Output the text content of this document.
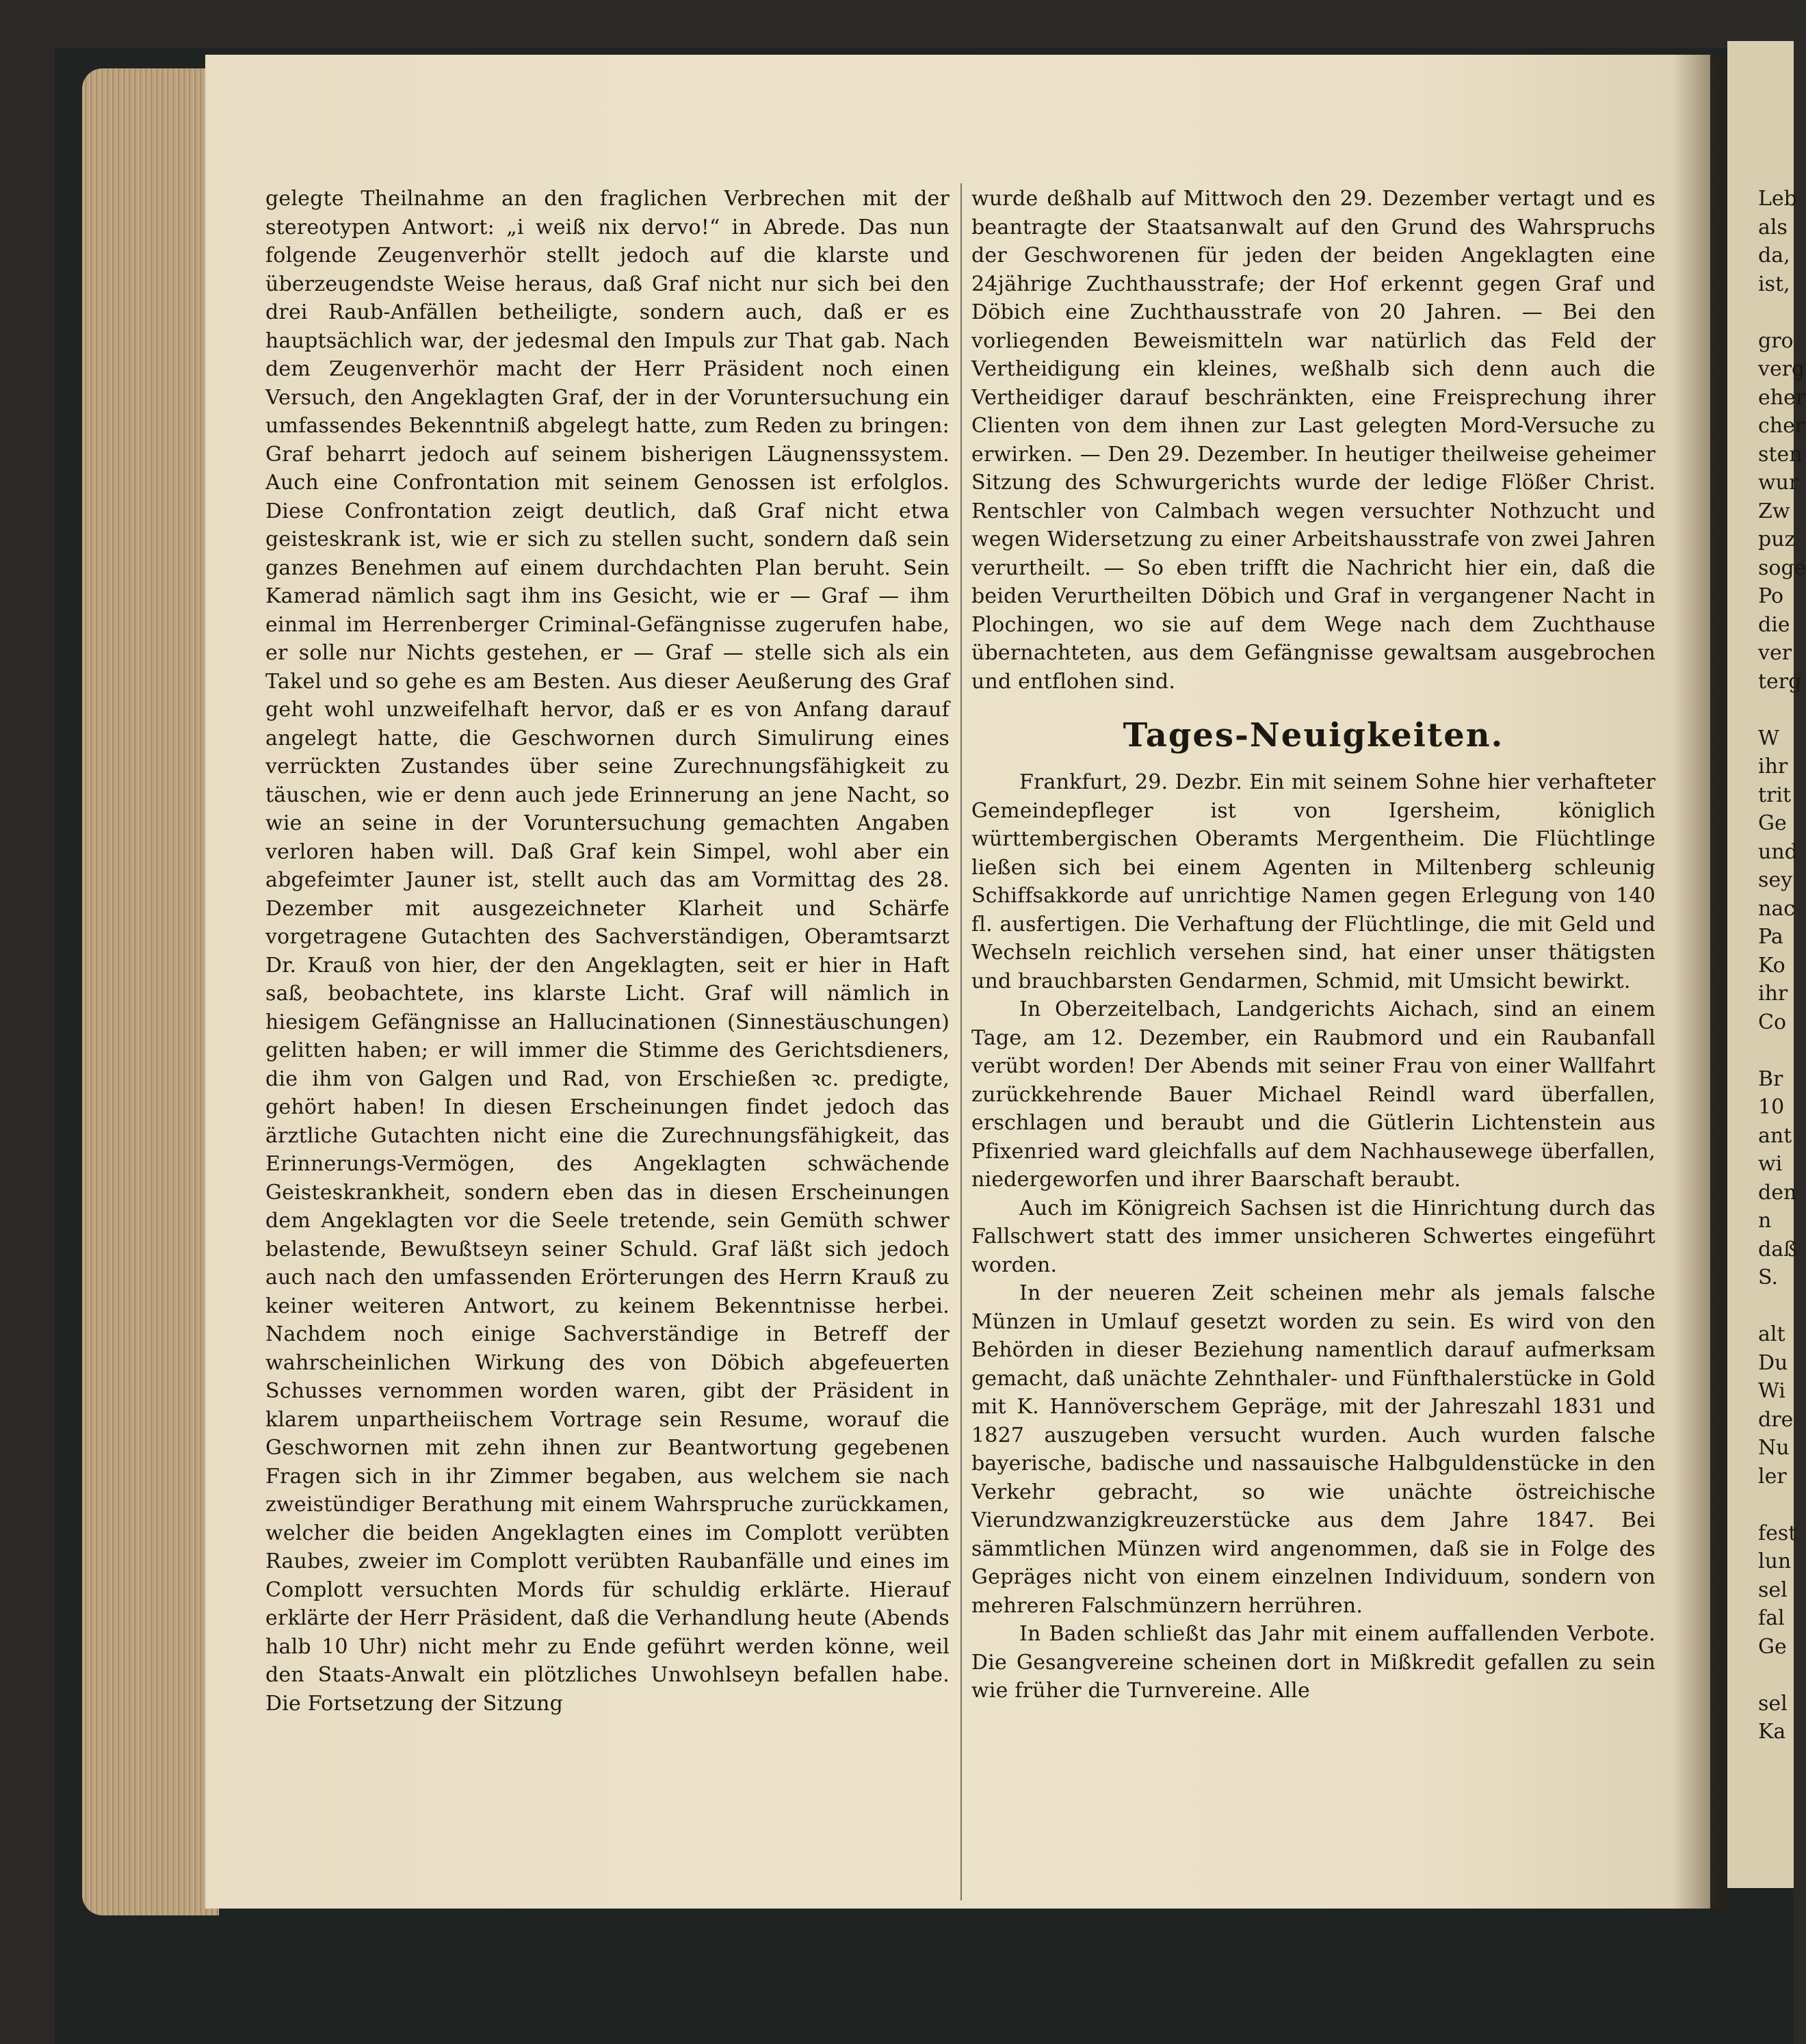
gelegte Theilnahme an den fraglichen Verbrechen mit der stereotypen Antwort: „i weiß nix dervo!“ in Abrede. Das nun folgende Zeugenverhör stellt jedoch auf die klarste und überzeugendste Weise heraus, daß Graf nicht nur sich bei den drei Raub-Anfällen betheiligte, sondern auch, daß er es hauptsächlich war, der jedesmal den Impuls zur That gab. Nach dem Zeugenverhör macht der Herr Präsident noch einen Versuch, den Angeklagten Graf, der in der Voruntersuchung ein umfassendes Bekenntniß abgelegt hatte, zum Reden zu bringen: Graf beharrt jedoch auf seinem bisherigen Läugnenssystem. Auch eine Confrontation mit seinem Genossen ist erfolglos. Diese Confrontation zeigt deutlich, daß Graf nicht etwa geisteskrank ist, wie er sich zu stellen sucht, sondern daß sein ganzes Benehmen auf einem durchdachten Plan beruht. Sein Kamerad nämlich sagt ihm ins Gesicht, wie er — Graf — ihm einmal im Herrenberger Criminal-Gefängnisse zugerufen habe, er solle nur Nichts gestehen, er — Graf — stelle sich als ein Takel und so gehe es am Besten. Aus dieser Aeußerung des Graf geht wohl unzweifelhaft hervor, daß er es von Anfang darauf angelegt hatte, die Geschwornen durch Simulirung eines verrückten Zustandes über seine Zurechnungsfähigkeit zu täuschen, wie er denn auch jede Erinnerung an jene Nacht, so wie an seine in der Voruntersuchung gemachten Angaben verloren haben will. Daß Graf kein Simpel, wohl aber ein abgefeimter Jauner ist, stellt auch das am Vormittag des 28. Dezember mit ausgezeichneter Klarheit und Schärfe vorgetragene Gutachten des Sachverständigen, Oberamtsarzt Dr. Krauß von hier, der den Angeklagten, seit er hier in Haft saß, beobachtete, ins klarste Licht. Graf will nämlich in hiesigem Gefängnisse an Hallucinationen (Sinnestäuschungen) gelitten haben; er will immer die Stimme des Gerichtsdieners, die ihm von Galgen und Rad, von Erschießen ꝛc. predigte, gehört haben! In diesen Erscheinungen findet jedoch das ärztliche Gutachten nicht eine die Zurechnungsfähigkeit, das Erinnerungs-Vermögen, des Angeklagten schwächende Geisteskrankheit, sondern eben das in diesen Erscheinungen dem Angeklagten vor die Seele tretende, sein Gemüth schwer belastende, Bewußtseyn seiner Schuld. Graf läßt sich jedoch auch nach den umfassenden Erörterungen des Herrn Krauß zu keiner weiteren Antwort, zu keinem Bekenntnisse herbei. Nachdem noch einige Sachverständige in Betreff der wahrscheinlichen Wirkung des von Döbich abgefeuerten Schusses vernommen worden waren, gibt der Präsident in klarem unpartheiischem Vortrage sein Resume, worauf die Geschwornen mit zehn ihnen zur Beantwortung gegebenen Fragen sich in ihr Zimmer begaben, aus welchem sie nach zweistündiger Berathung mit einem Wahrspruche zurückkamen, welcher die beiden Angeklagten eines im Complott verübten Raubes, zweier im Complott verübten Raubanfälle und eines im Complott versuchten Mords für schuldig erklärte. Hierauf erklärte der Herr Präsident, daß die Verhandlung heute (Abends halb 10 Uhr) nicht mehr zu Ende geführt werden könne, weil den Staats-Anwalt ein plötzliches Unwohlseyn befallen habe. Die Fortsetzung der Sitzung

wurde deßhalb auf Mittwoch den 29. Dezember vertagt und es beantragte der Staatsanwalt auf den Grund des Wahrspruchs der Geschworenen für jeden der beiden Angeklagten eine 24jährige Zuchthausstrafe; der Hof erkennt gegen Graf und Döbich eine Zuchthausstrafe von 20 Jahren. — Bei den vorliegenden Beweismitteln war natürlich das Feld der Vertheidigung ein kleines, weßhalb sich denn auch die Vertheidiger darauf beschränkten, eine Freisprechung ihrer Clienten von dem ihnen zur Last gelegten Mord-Versuche zu erwirken. — Den 29. Dezember. In heutiger theilweise geheimer Sitzung des Schwurgerichts wurde der ledige Flößer Christ. Rentschler von Calmbach wegen versuchter Nothzucht und wegen Widersetzung zu einer Arbeitshausstrafe von zwei Jahren verurtheilt. — So eben trifft die Nachricht hier ein, daß die beiden Verurtheilten Döbich und Graf in vergangener Nacht in Plochingen, wo sie auf dem Wege nach dem Zuchthause übernachteten, aus dem Gefängnisse gewaltsam ausgebrochen und entflohen sind.

Tages-Neuigkeiten.

Frankfurt, 29. Dezbr. Ein mit seinem Sohne hier verhafteter Gemeindepfleger ist von Igersheim, königlich württembergischen Oberamts Mergentheim. Die Flüchtlinge ließen sich bei einem Agenten in Miltenberg schleunig Schiffsakkorde auf unrichtige Namen gegen Erlegung von 140 fl. ausfertigen. Die Verhaftung der Flüchtlinge, die mit Geld und Wechseln reichlich versehen sind, hat einer unser thätigsten und brauchbarsten Gendarmen, Schmid, mit Umsicht bewirkt.

In Oberzeitelbach, Landgerichts Aichach, sind an einem Tage, am 12. Dezember, ein Raubmord und ein Raubanfall verübt worden! Der Abends mit seiner Frau von einer Wallfahrt zurückkehrende Bauer Michael Reindl ward überfallen, erschlagen und beraubt und die Gütlerin Lichtenstein aus Pfixenried ward gleichfalls auf dem Nachhausewege überfallen, niedergeworfen und ihrer Baarschaft beraubt.

Auch im Königreich Sachsen ist die Hinrichtung durch das Fallschwert statt des immer unsicheren Schwertes eingeführt worden.

In der neueren Zeit scheinen mehr als jemals falsche Münzen in Umlauf gesetzt worden zu sein. Es wird von den Behörden in dieser Beziehung namentlich darauf aufmerksam gemacht, daß unächte Zehnthaler- und Fünfthalerstücke in Gold mit K. Hannöverschem Gepräge, mit der Jahreszahl 1831 und 1827 auszugeben versucht wurden. Auch wurden falsche bayerische, badische und nassauische Halbguldenstücke in den Verkehr gebracht, so wie unächte östreichische Vierundzwanzigkreuzerstücke aus dem Jahre 1847. Bei sämmtlichen Münzen wird angenommen, daß sie in Folge des Gepräges nicht von einem einzelnen Individuum, sondern von mehreren Falschmünzern herrühren.

In Baden schließt das Jahr mit einem auffallenden Verbote. Die Gesangvereine scheinen dort in Mißkredit gefallen zu sein wie früher die Turnvereine. Alle

Leb
als
da,
ist,
gro
verg
eher
cher
sten
wur
Zw
puz
soge
Po
die
ver
terg
W
ihr
trit
Ge
und
sey
nac
Pa
Ko
ihr
Co
Br
10
ant
wi
den
n
daß
S.
alt
Du
Wi
dre
Nu
ler
fest
lun
sel
fal
Ge
sel
Ka
